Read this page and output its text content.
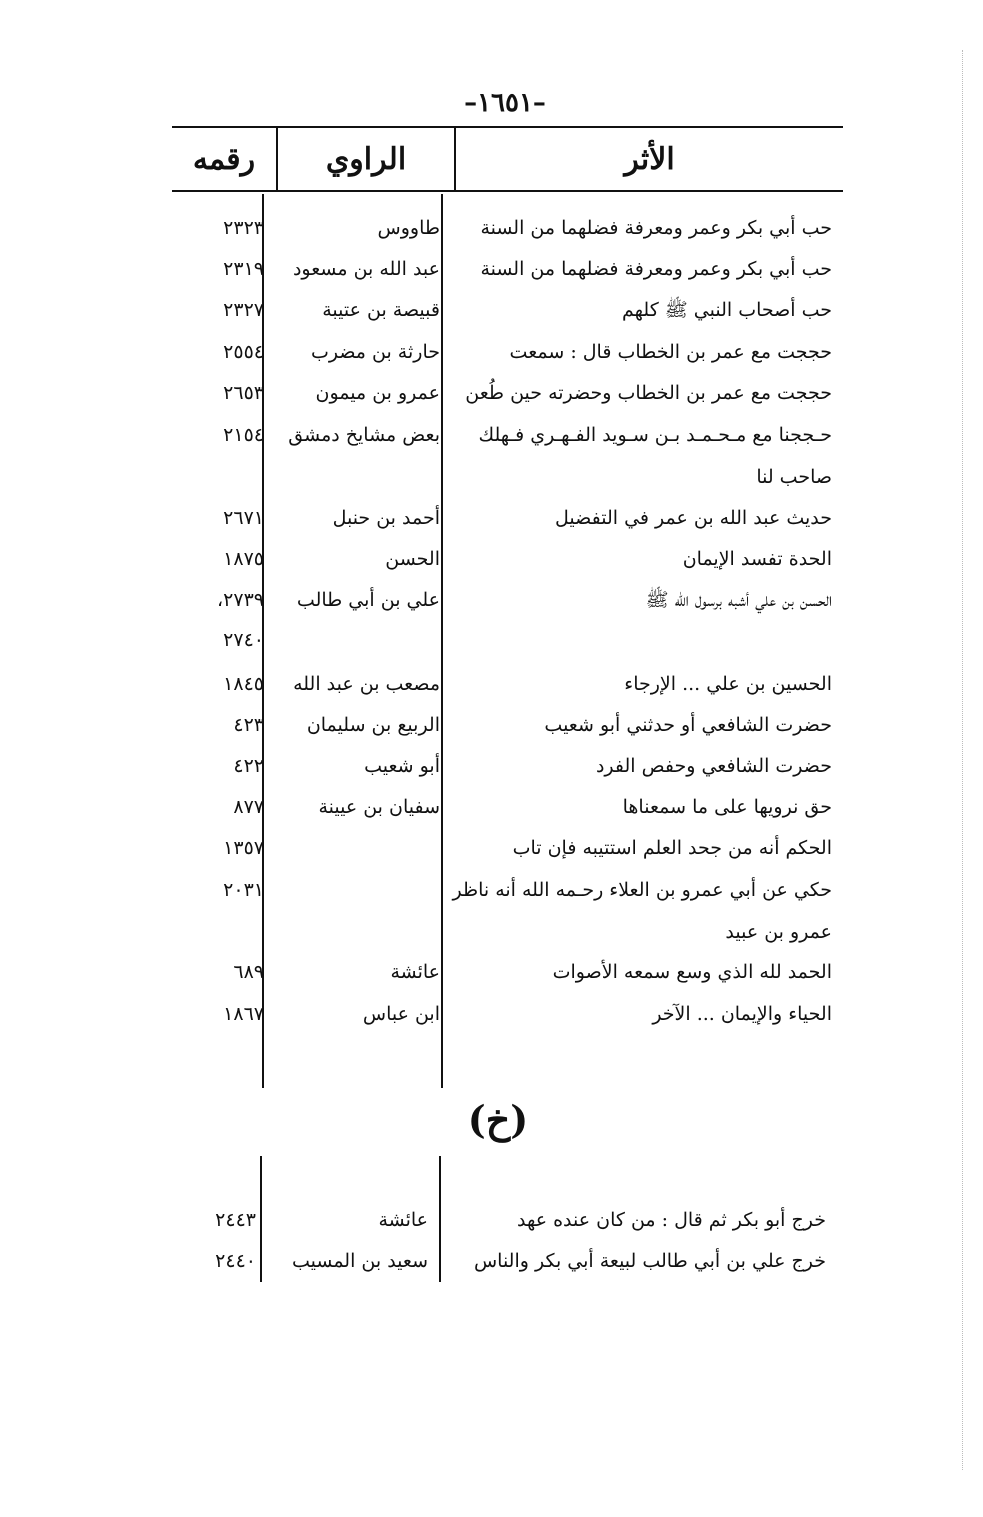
–١٦٥١–
الأثر
الراوي
رقمه
حب أبي بكر وعمر ومعرفة فضلهما من السنة
طاووس
٢٣٢٣
حب أبي بكر وعمر ومعرفة فضلهما من السنة
عبد الله بن مسعود
٢٣١٩
حب أصحاب النبي ﷺ كلهم
قبيصة بن عتيبة
٢٣٢٧
حججت مع عمر بن الخطاب قال : سمعت
حارثة بن مضرب
٢٥٥٤
حججت مع عمر بن الخطاب وحضرته حين طُعن
عمرو بن ميمون
٢٦٥٣
حـججنا مع مـحـمـد بـن سـويد الفـهـري فـهلك
بعض مشايخ دمشق
٢١٥٤
صاحب لنا
حديث عبد الله بن عمر في التفضيل
أحمد بن حنبل
٢٦٧١
الحدة تفسد الإيمان
الحسن
١٨٧٥
الحسن بن علي أشبه برسول الله ﷺ
علي بن أبي طالب
٢٧٣٩،
٢٧٤٠
الحسين بن علي ... الإرجاء
مصعب بن عبد الله
١٨٤٥
حضرت الشافعي أو حدثني أبو شعيب
الربيع بن سليمان
٤٢٣
حضرت الشافعي وحفص الفرد
أبو شعيب
٤٢٢
حق نرويها على ما سمعناها
سفيان بن عيينة
٨٧٧
الحكم أنه من جحد العلم استتيبه فإن تاب
١٣٥٧
حكي عن أبي عمرو بن العلاء رحـمه الله أنه ناظر
٢٠٣١
عمرو بن عبيد
الحمد لله الذي وسع سمعه الأصوات
عائشة
٦٨٩
الحياء والإيمان ... الآخر
ابن عباس
١٨٦٧
(خ)
خرج أبو بكر ثم قال : من كان عنده عهد
عائشة
٢٤٤٣
خرج علي بن أبي طالب لبيعة أبي بكر والناس
سعيد بن المسيب
٢٤٤٠
